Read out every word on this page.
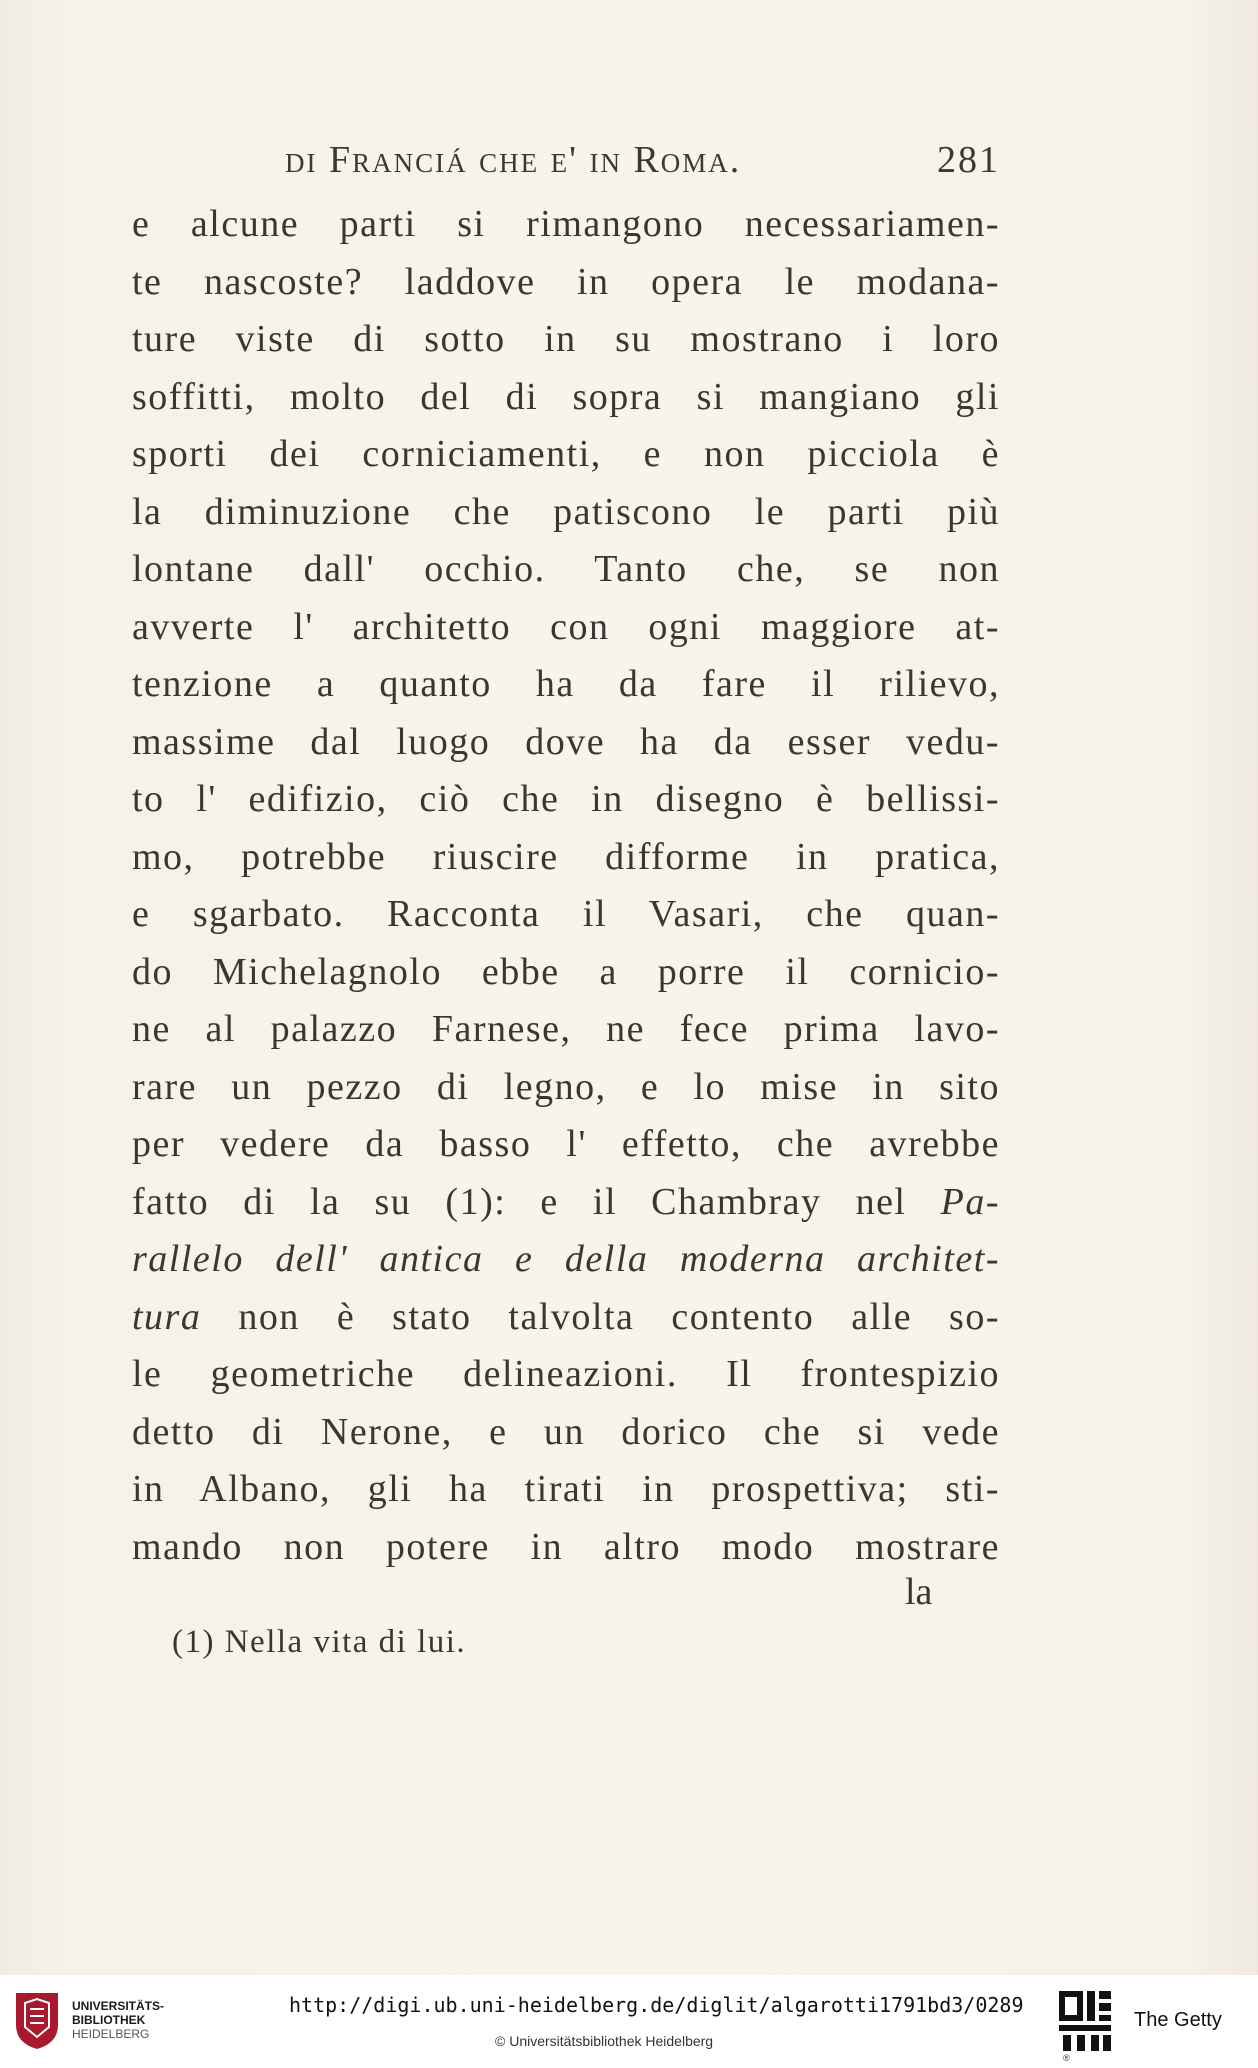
di Franciá che e' in Roma.	281
e alcune parti si rimangono necessariamen-
te nascoste? laddove in opera le modana-
ture viste di sotto in su mostrano i loro
soffitti, molto del di sopra si mangiano gli
sporti dei corniciamenti, e non picciola è
la diminuzione che patiscono le parti più
lontane dall' occhio. Tanto che, se non
avverte l' architetto con ogni maggiore at-
tenzione a quanto ha da fare il rilievo,
massime dal luogo dove ha da esser vedu-
to l' edifizio, ciò che in disegno è bellissi-
mo, potrebbe riuscire difforme in pratica,
e sgarbato. Racconta il Vasari, che quan-
do Michelagnolo ebbe a porre il cornicio-
ne al palazzo Farnese, ne fece prima lavo-
rare un pezzo di legno, e lo mise in sito
per vedere da basso l' effetto, che avrebbe
fatto di la su (1): e il Chambray nel Pa-
rallelo dell' antica e della moderna architet-
tura non è stato talvolta contento alle so-
le geometriche delineazioni. Il frontespizio
detto di Nerone, e un dorico che si vede
in Albano, gli ha tirati in prospettiva; sti-
mando non potere in altro modo mostrare
la
(1) Nella vita di lui.
UNIVERSITÄTS-
BIBLIOTHEK
HEIDELBERG
http://digi.ub.uni-heidelberg.de/diglit/algarotti1791bd3/0289
© Universitätsbibliothek Heidelberg
®
The Getty
